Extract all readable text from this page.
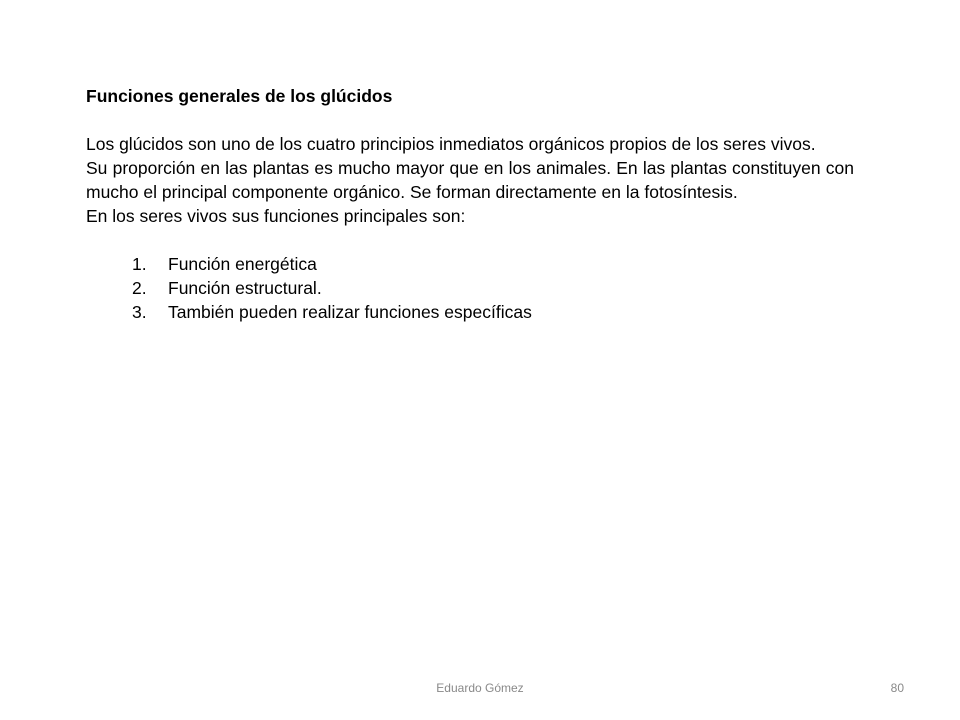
Funciones generales de los glúcidos

Los glúcidos son uno de los cuatro principios inmediatos orgánicos propios de los seres vivos.

Su proporción en las plantas es mucho mayor que en los animales. En las plantas constituyen con mucho el principal componente orgánico. Se forman directamente en la fotosíntesis.

En los seres vivos sus funciones principales son:

1.	Función energética
2.	Función estructural.
3.	También pueden realizar funciones específicas
Eduardo Gómez	80
